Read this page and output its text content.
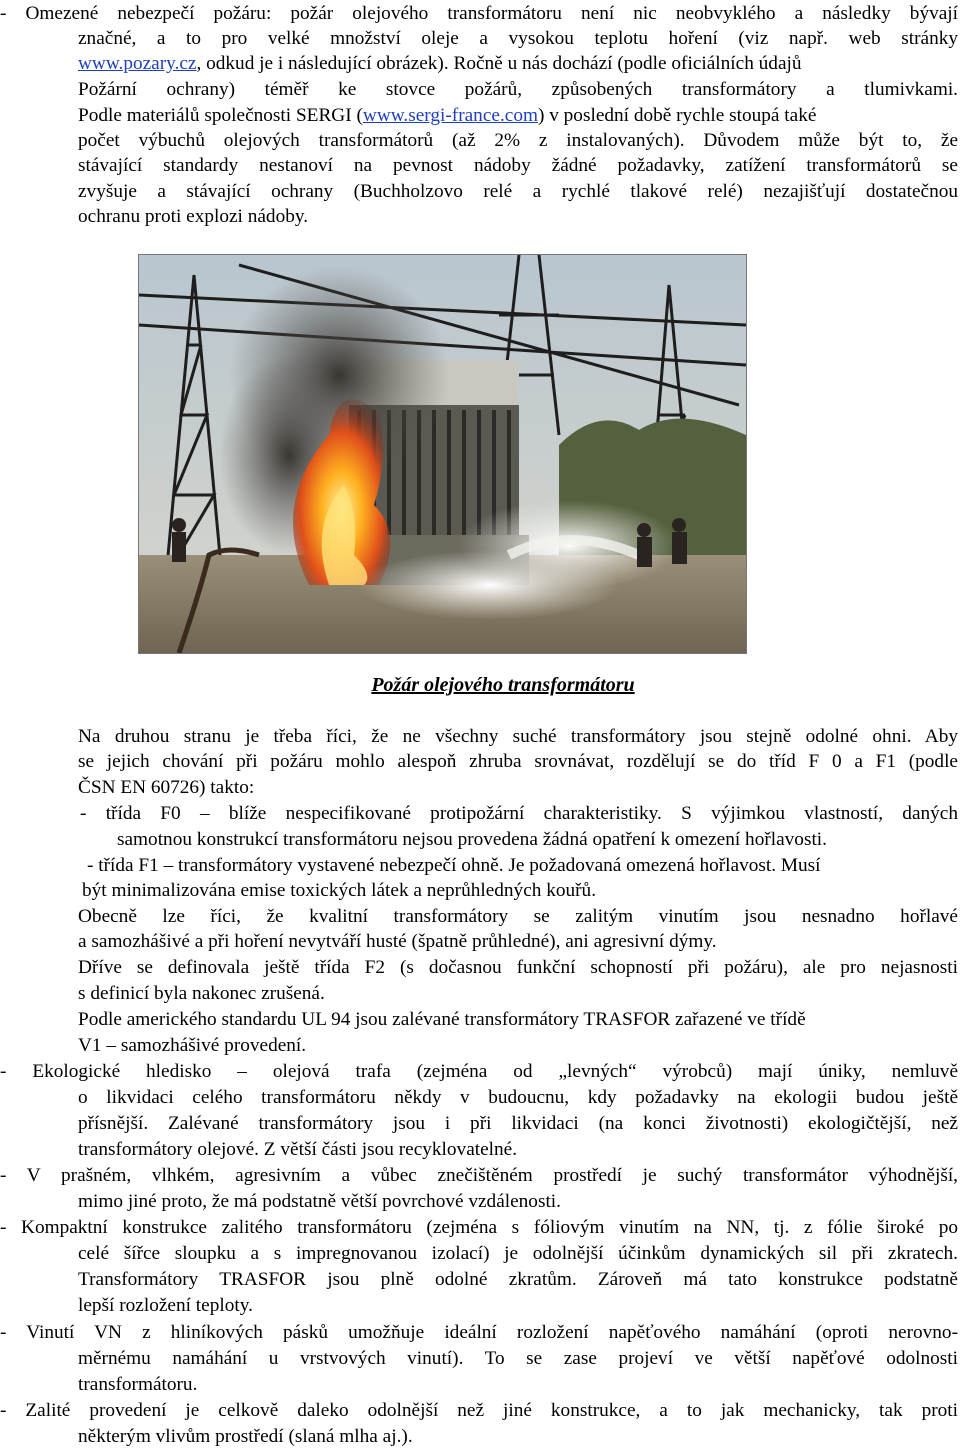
- Omezené nebezpečí požáru: požár olejového transformátoru není nic neobvyklého a následky bývají
značné, a to pro velké množství oleje a vysokou teplotu hoření (viz např. web stránky
www.pozary.cz, odkud je i následující obrázek). Ročně u nás dochází (podle oficiálních údajů
Požární ochrany) téměř ke stovce požárů, způsobených transformátory a tlumivkami.
Podle materiálů společnosti SERGI (www.sergi-france.com) v poslední době rychle stoupá také
počet výbuchů olejových transformátorů (až 2% z instalovaných). Důvodem může být to, že
stávající standardy nestanoví na pevnost nádoby žádné požadavky, zatížení transformátorů se
zvyšuje a stávající ochrany (Buchholzovo relé a rychlé tlakové relé) nezajišťují dostatečnou
ochranu proti explozi nádoby.
Požár olejového transformátoru
Na druhou stranu je třeba říci, že ne všechny suché transformátory jsou stejně odolné ohni. Aby
se jejich chování při požáru mohlo alespoň zhruba srovnávat, rozdělují se do tříd F 0 a F1 (podle
ČSN EN 60726) takto:
- třída F0 – blíže nespecifikované protipožární charakteristiky. S výjimkou vlastností, daných
samotnou konstrukcí transformátoru nejsou provedena žádná opatření k omezení hořlavosti.
- třída F1 – transformátory vystavené nebezpečí ohně. Je požadovaná omezená hořlavost. Musí
být minimalizována emise toxických látek a neprůhledných kouřů.
Obecně lze říci, že kvalitní transformátory se zalitým vinutím jsou nesnadno hořlavé
a samozhášivé a při hoření nevytváří husté (špatně průhledné), ani agresivní dýmy.
Dříve se definovala ještě třída F2 (s dočasnou funkční schopností při požáru), ale pro nejasnosti
s definicí byla nakonec zrušená.
Podle amerického standardu UL 94 jsou zalévané transformátory TRASFOR zařazené ve třídě
V1 – samozhášivé provedení.
- Ekologické hledisko – olejová trafa (zejména od „levných“ výrobců) mají úniky, nemluvě
o likvidaci celého transformátoru někdy v budoucnu, kdy požadavky na ekologii budou ještě
přísnější. Zalévané transformátory jsou i při likvidaci (na konci životnosti) ekologičtější, než
transformátory olejové. Z větší části jsou recyklovatelné.
- V prašném, vlhkém, agresivním a vůbec znečištěném prostředí je suchý transformátor výhodnější,
mimo jiné proto, že má podstatně větší povrchové vzdálenosti.
- Kompaktní konstrukce zalitého transformátoru (zejména s fóliovým vinutím na NN, tj. z fólie široké po
celé šířce sloupku a s impregnovanou izolací) je odolnější účinkům dynamických sil při zkratech.
Transformátory TRASFOR jsou plně odolné zkratům. Zároveň má tato konstrukce podstatně
lepší rozložení teploty.
- Vinutí VN z hliníkových pásků umožňuje ideální rozložení napěťového namáhání (oproti nerovno-
měrnému namáhání u vrstvových vinutí). To se zase projeví ve větší napěťové odolnosti
transformátoru.
- Zalité provedení je celkově daleko odolnější než jiné konstrukce, a to jak mechanicky, tak proti
některým vlivům prostředí (slaná mlha aj.).
